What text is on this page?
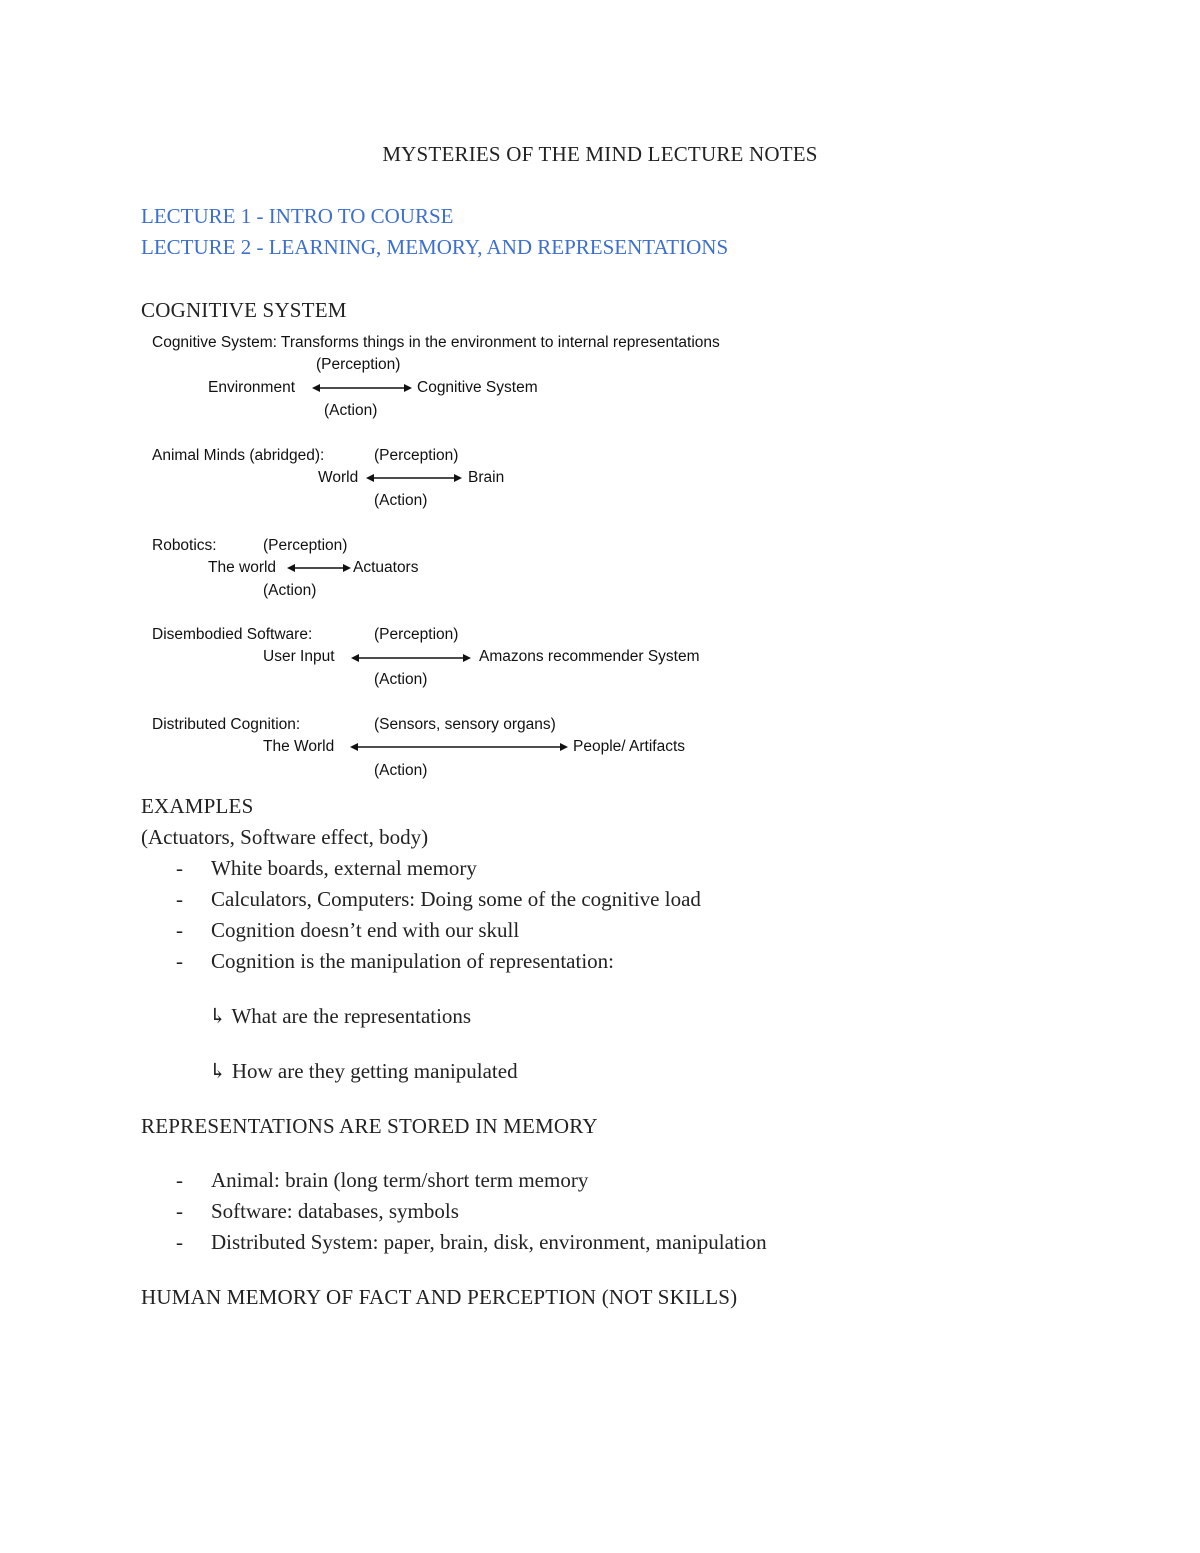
MYSTERIES OF THE MIND LECTURE NOTES
LECTURE 1 - INTRO TO COURSE
LECTURE 2 - LEARNING, MEMORY, AND REPRESENTATIONS
COGNITIVE SYSTEM
Cognitive System: Transforms things in the environment to internal representations
(Perception)
Environment	Cognitive System
(Action)
Animal Minds (abridged):	(Perception)
World	Brain
(Action)
Robotics:	(Perception)
The world	Actuators
(Action)
Disembodied Software:	(Perception)
User Input	Amazons recommender System
(Action)
Distributed Cognition:	(Sensors, sensory organs)
The World	People/ Artifacts
(Action)
EXAMPLES
(Actuators, Software effect, body)
- White boards, external memory
- Calculators, Computers: Doing some of the cognitive load
- Cognition doesn’t end with our skull
- Cognition is the manipulation of representation:
↳ What are the representations
↳ How are they getting manipulated
REPRESENTATIONS ARE STORED IN MEMORY
- Animal: brain (long term/short term memory
- Software: databases, symbols
- Distributed System: paper, brain, disk, environment, manipulation
HUMAN MEMORY OF FACT AND PERCEPTION (NOT SKILLS)
